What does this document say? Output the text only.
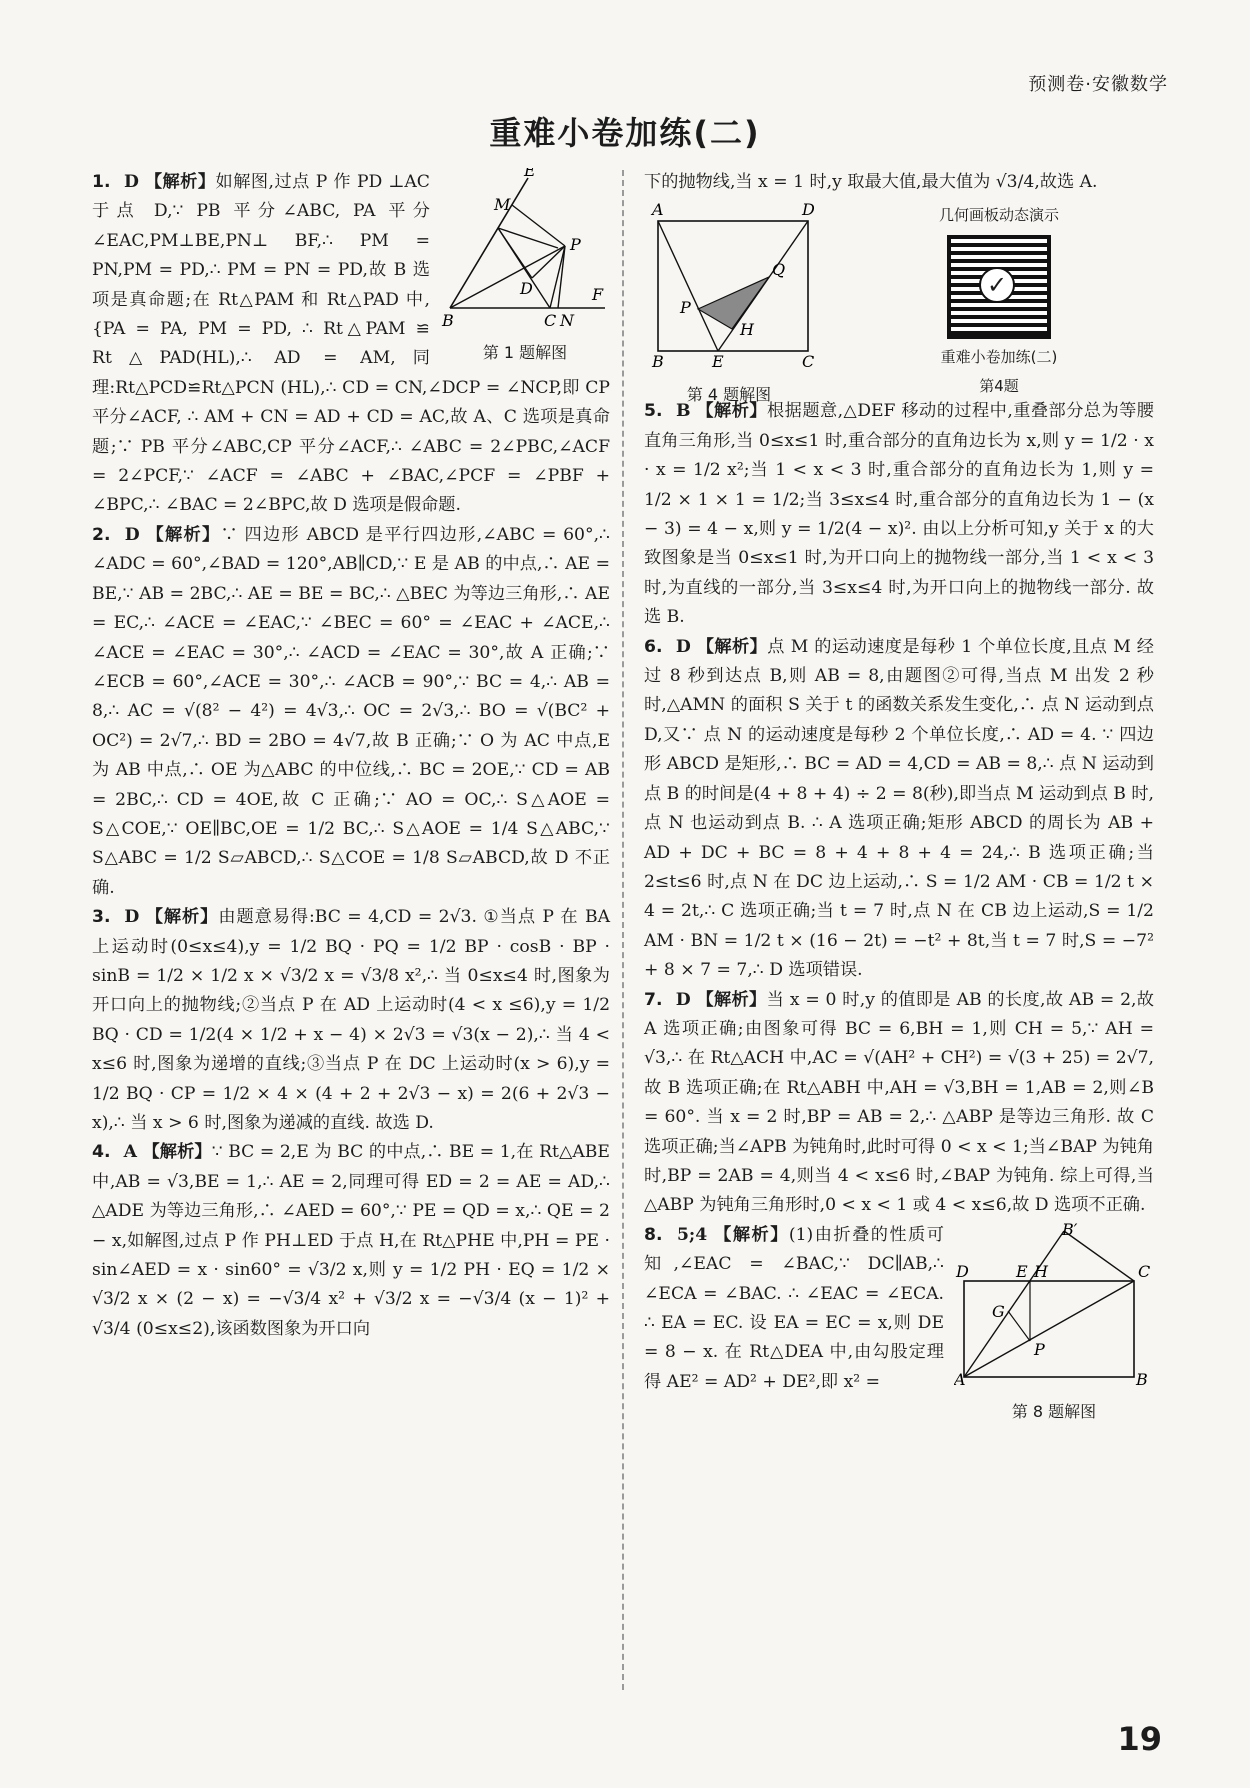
预测卷·安徽数学
重难小卷加练(二)
E
M
P
D
B	C N
F
第 1 题解图

1. D 【解析】如解图,过点 P 作 PD ⊥AC 于点 D,∵ PB 平分∠ABC, PA 平分∠EAC,PM⊥BE,PN⊥ BF,∴ PM = PN,PM = PD,∴ PM = PN = PD,故 B 选项是真命题;在 Rt△PAM 和 Rt△PAD 中, {PA = PA, PM = PD, ∴ Rt△PAM ≌ Rt△PAD(HL),∴ AD = AM,同理:Rt△PCD≌Rt△PCN (HL),∴ CD = CN,∠DCP = ∠NCP,即 CP 平分∠ACF, ∴ AM + CN = AD + CD = AC,故 A、C 选项是真命题;∵ PB 平分∠ABC,CP 平分∠ACF,∴ ∠ABC = 2∠PBC,∠ACF = 2∠PCF,∵ ∠ACF = ∠ABC + ∠BAC,∠PCF = ∠PBF + ∠BPC,∴ ∠BAC = 2∠BPC,故 D 选项是假命题.

2. D 【解析】∵ 四边形 ABCD 是平行四边形,∠ABC = 60°,∴ ∠ADC = 60°,∠BAD = 120°,AB∥CD,∵ E 是 AB 的中点,∴ AE = BE,∵ AB = 2BC,∴ AE = BE = BC,∴ △BEC 为等边三角形,∴ AE = EC,∴ ∠ACE = ∠EAC,∵ ∠BEC = 60° = ∠EAC + ∠ACE,∴ ∠ACE = ∠EAC = 30°,∴ ∠ACD = ∠EAC = 30°,故 A 正确;∵ ∠ECB = 60°,∠ACE = 30°,∴ ∠ACB = 90°,∵ BC = 4,∴ AB = 8,∴ AC = √(8² − 4²) = 4√3,∴ OC = 2√3,∴ BO = √(BC² + OC²) = 2√7,∴ BD = 2BO = 4√7,故 B 正确;∵ O 为 AC 中点,E 为 AB 中点,∴ OE 为△ABC 的中位线,∴ BC = 2OE,∵ CD = AB = 2BC,∴ CD = 4OE,故 C 正确;∵ AO = OC,∴ S△AOE = S△COE,∵ OE∥BC,OE = 1/2 BC,∴ S△AOE = 1/4 S△ABC,∵ S△ABC = 1/2 S▱ABCD,∴ S△COE = 1/8 S▱ABCD,故 D 不正确.

3. D 【解析】由题意易得:BC = 4,CD = 2√3. ①当点 P 在 BA 上运动时(0≤x≤4),y = 1/2 BQ · PQ = 1/2 BP · cosB · BP · sinB = 1/2 × 1/2 x × √3/2 x = √3/8 x²,∴ 当 0≤x≤4 时,图象为开口向上的抛物线;②当点 P 在 AD 上运动时(4 < x ≤6),y = 1/2 BQ · CD = 1/2(4 × 1/2 + x − 4) × 2√3 = √3(x − 2),∴ 当 4 < x≤6 时,图象为递增的直线;③当点 P 在 DC 上运动时(x > 6),y = 1/2 BQ · CP = 1/2 × 4 × (4 + 2 + 2√3 − x) = 2(6 + 2√3 − x),∴ 当 x > 6 时,图象为递减的直线. 故选 D.

4. A 【解析】∵ BC = 2,E 为 BC 的中点,∴ BE = 1,在 Rt△ABE 中,AB = √3,BE = 1,∴ AE = 2,同理可得 ED = 2 = AE = AD,∴ △ADE 为等边三角形,∴ ∠AED = 60°,∵ PE = QD = x,∴ QE = 2 − x,如解图,过点 P 作 PH⊥ED 于点 H,在 Rt△PHE 中,PH = PE · sin∠AED = x · sin60° = √3/2 x,则 y = 1/2 PH · EQ = 1/2 × √3/2 x × (2 − x) = −√3/4 x² + √3/2 x = −√3/4 (x − 1)² + √3/4 (0≤x≤2),该函数图象为开口向

下的抛物线,当 x = 1 时,y 取最大值,最大值为 √3/4,故选 A.

A	D
Q
P
H
B	E	C
第 4 题解图
几何画板动态演示
✓
重难小卷加练(二)
第4题

5. B 【解析】根据题意,△DEF 移动的过程中,重叠部分总为等腰直角三角形,当 0≤x≤1 时,重合部分的直角边长为 x,则 y = 1/2 · x · x = 1/2 x²;当 1 < x < 3 时,重合部分的直角边长为 1,则 y = 1/2 × 1 × 1 = 1/2;当 3≤x≤4 时,重合部分的直角边长为 1 − (x − 3) = 4 − x,则 y = 1/2(4 − x)². 由以上分析可知,y 关于 x 的大致图象是当 0≤x≤1 时,为开口向上的抛物线一部分,当 1 < x < 3 时,为直线的一部分,当 3≤x≤4 时,为开口向上的抛物线一部分. 故选 B.

6. D 【解析】点 M 的运动速度是每秒 1 个单位长度,且点 M 经过 8 秒到达点 B,则 AB = 8,由题图②可得,当点 M 出发 2 秒时,△AMN 的面积 S 关于 t 的函数关系发生变化,∴ 点 N 运动到点 D,又∵ 点 N 的运动速度是每秒 2 个单位长度,∴ AD = 4. ∵ 四边形 ABCD 是矩形,∴ BC = AD = 4,CD = AB = 8,∴ 点 N 运动到点 B 的时间是(4 + 8 + 4) ÷ 2 = 8(秒),即当点 M 运动到点 B 时,点 N 也运动到点 B. ∴ A 选项正确;矩形 ABCD 的周长为 AB + AD + DC + BC = 8 + 4 + 8 + 4 = 24,∴ B 选项正确;当 2≤t≤6 时,点 N 在 DC 边上运动,∴ S = 1/2 AM · CB = 1/2 t × 4 = 2t,∴ C 选项正确;当 t = 7 时,点 N 在 CB 边上运动,S = 1/2 AM · BN = 1/2 t × (16 − 2t) = −t² + 8t,当 t = 7 时,S = −7² + 8 × 7 = 7,∴ D 选项错误.

7. D 【解析】当 x = 0 时,y 的值即是 AB 的长度,故 AB = 2,故 A 选项正确;由图象可得 BC = 6,BH = 1,则 CH = 5,∵ AH = √3,∴ 在 Rt△ACH 中,AC = √(AH² + CH²) = √(3 + 25) = 2√7,故 B 选项正确;在 Rt△ABH 中,AH = √3,BH = 1,AB = 2,则∠B = 60°. 当 x = 2 时,BP = AB = 2,∴ △ABP 是等边三角形. 故 C 选项正确;当∠APB 为钝角时,此时可得 0 < x < 1;当∠BAP 为钝角时,BP = 2AB = 4,则当 4 < x≤6 时,∠BAP 为钝角. 综上可得,当△ABP 为钝角三角形时,0 < x < 1 或 4 < x≤6,故 D 选项不正确.

B′
D	E H	C
G
P
A	B
第 8 题解图

8. 5;4 【解析】(1)由折叠的性质可知,∠EAC = ∠BAC,∵ DC∥AB,∴ ∠ECA = ∠BAC. ∴ ∠EAC = ∠ECA. ∴ EA = EC. 设 EA = EC = x,则 DE = 8 − x. 在 Rt△DEA 中,由勾股定理得 AE² = AD² + DE²,即 x² =

19
